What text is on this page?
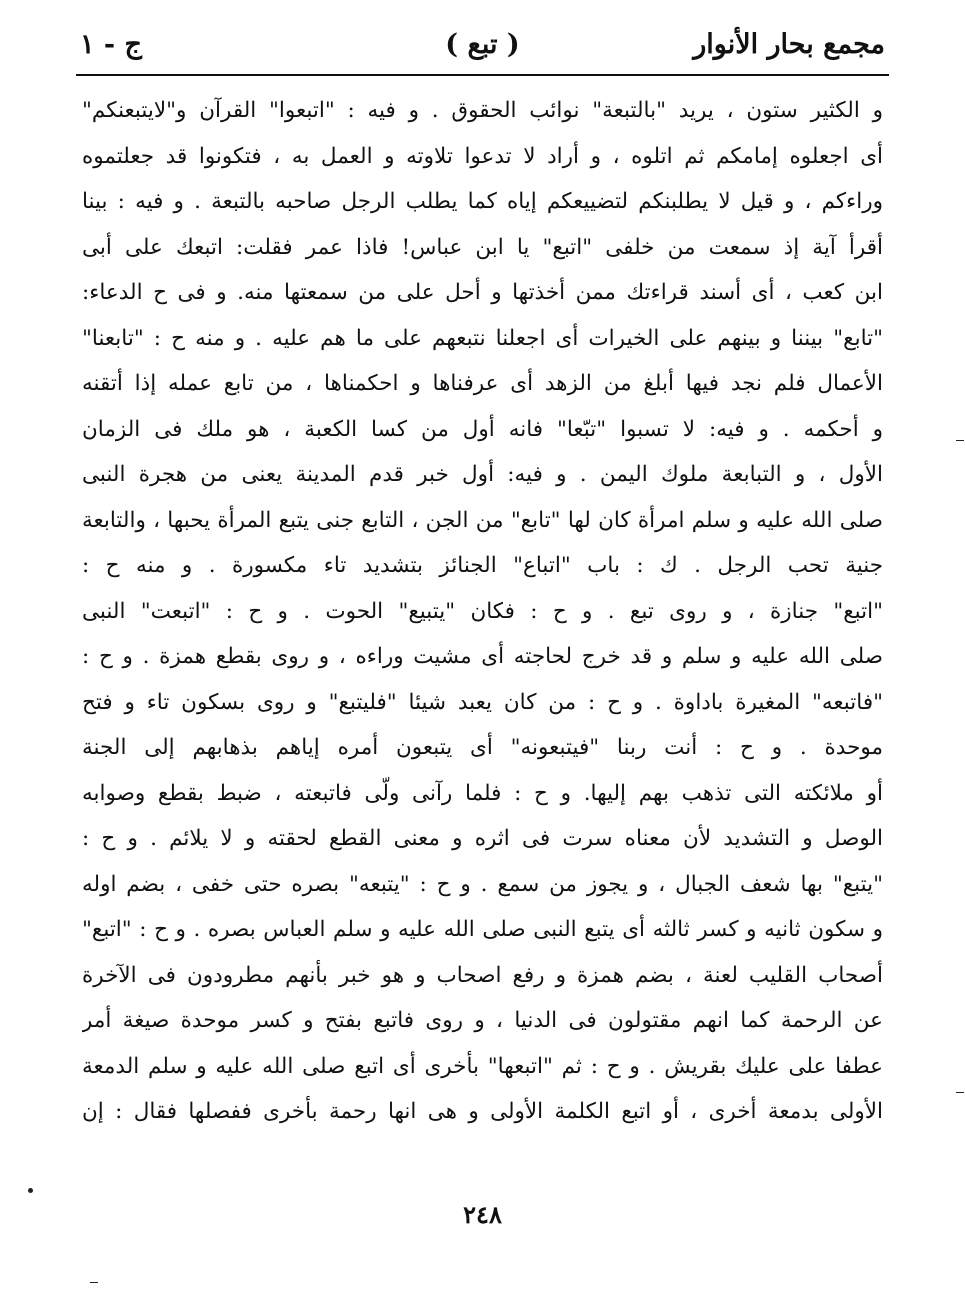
مجمع بحار الأنوار
( تبع )
ج - ١
و الكثير ستون ، يريد "بالتبعة" نوائب الحقوق . و فيه : "اتبعوا" القرآن و"لايتبعنكم"
أى اجعلوه إمامكم ثم اتلوه ، و أراد لا تدعوا تلاوته و العمل به ، فتكونوا قد جعلتموه
وراءكم ، و قيل لا يطلبنكم لتضييعكم إياه كما يطلب الرجل صاحبه بالتبعة . و فيه : بينا
أقرأ آية إذ سمعت من خلفى "اتبع" يا ابن عباس! فاذا عمر فقلت: اتبعك على أبى
ابن كعب ، أى أسند قراءتك ممن أخذتها و أحل على من سمعتها منه. و فى ح الدعاء:
"تابع" بيننا و بينهم على الخيرات أى اجعلنا نتبعهم على ما هم عليه . و منه ح : "تابعنا"
الأعمال فلم نجد فيها أبلغ من الزهد أى عرفناها و احكمناها ، من تابع عمله إذا أتقنه
و أحكمه . و فيه: لا تسبوا "تبّعا" فانه أول من كسا الكعبة ، هو ملك فى الزمان
الأول ، و التبابعة ملوك اليمن . و فيه: أول خبر قدم المدينة يعنى من هجرة النبى
صلى الله عليه و سلم امرأة كان لها "تابع" من الجن ، التابع جنى يتبع المرأة يحبها ، والتابعة
جنية تحب الرجل . ك : باب "اتباع" الجنائز بتشديد تاء مكسورة . و منه ح :
"اتبع" جنازة ، و روى تبع . و ح : فكان "يتبيع" الحوت . و ح : "اتبعت" النبى
صلى الله عليه و سلم و قد خرج لحاجته أى مشيت وراءه ، و روى بقطع همزة . و ح :
"فاتبعه" المغيرة باداوة . و ح : من كان يعبد شيئا "فليتبع" و روى بسكون تاء و فتح
موحدة . و ح : أنت ربنا "فيتبعونه" أى يتبعون أمره إياهم بذهابهم إلى الجنة
أو ملائكته التى تذهب بهم إليها. و ح : فلما رآنى ولّى فاتبعته ، ضبط بقطع وصوابه
الوصل و التشديد لأن معناه سرت فى اثره و معنى القطع لحقته و لا يلائم . و ح :
"يتبع" بها شعف الجبال ، و يجوز من سمع . و ح : "يتبعه" بصره حتى خفى ، بضم اوله
و سكون ثانيه و كسر ثالثه أى يتبع النبى صلى الله عليه و سلم العباس بصره . و ح : "اتبع"
أصحاب القليب لعنة ، بضم همزة و رفع اصحاب و هو خبر بأنهم مطرودون فى الآخرة
عن الرحمة كما انهم مقتولون فى الدنيا ، و روى فاتبع بفتح و كسر موحدة صيغة أمر
عطفا على عليك بقريش . و ح : ثم "اتبعها" بأخرى أى اتبع صلى الله عليه و سلم الدمعة
الأولى بدمعة أخرى ، أو اتبع الكلمة الأولى و هى انها رحمة بأخرى ففصلها فقال : إن
٢٤٨
